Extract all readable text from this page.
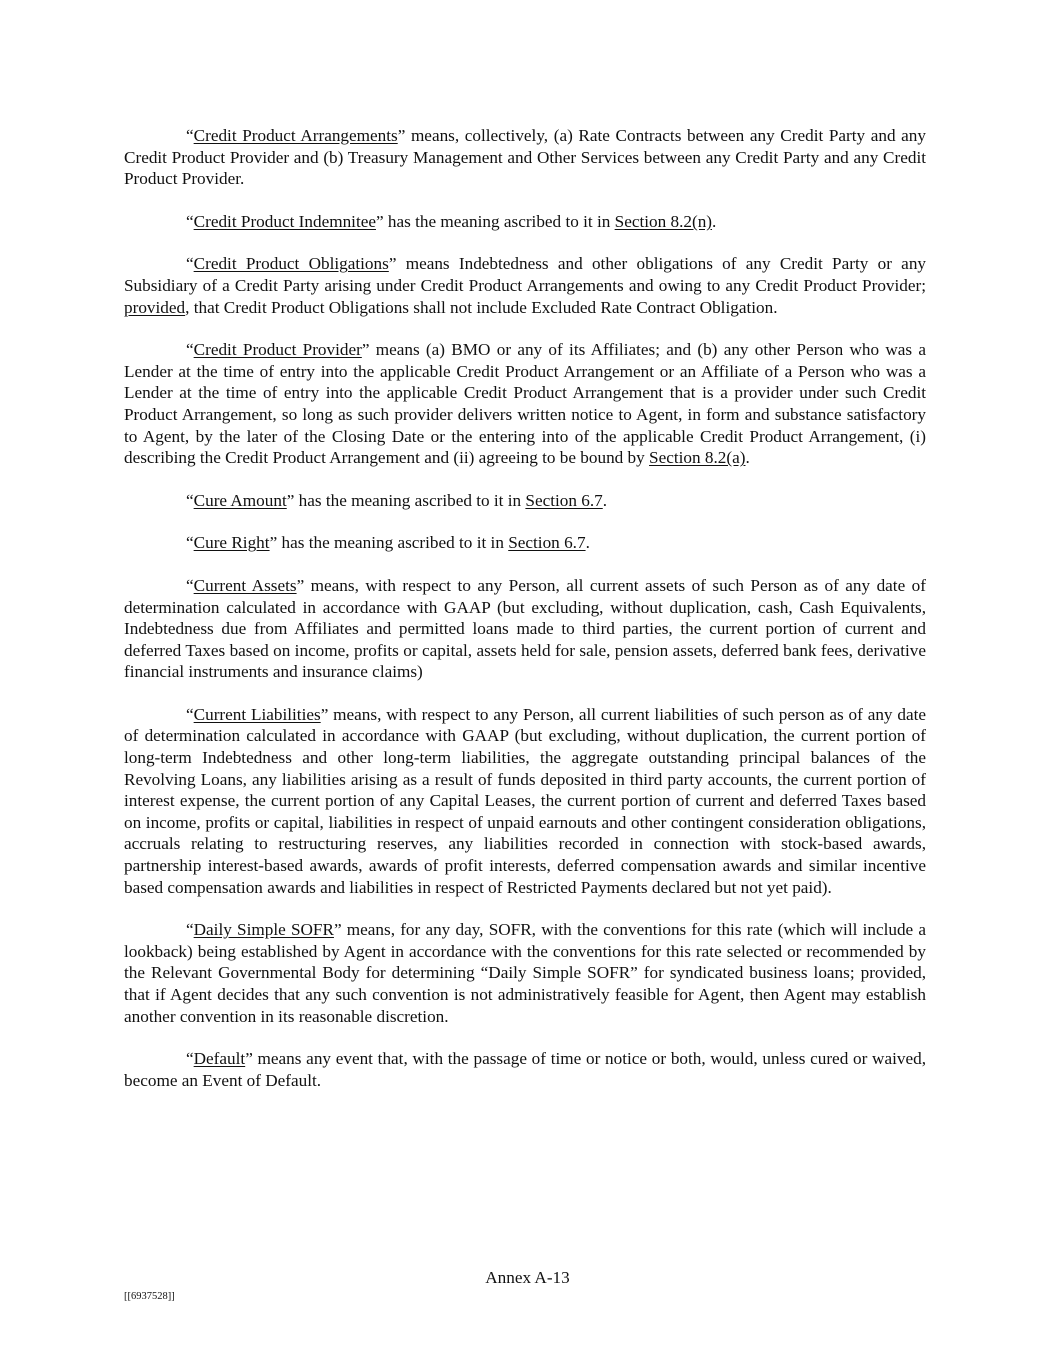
“Credit Product Arrangements” means, collectively, (a) Rate Contracts between any Credit Party and any Credit Product Provider and (b) Treasury Management and Other Services between any Credit Party and any Credit Product Provider.

“Credit Product Indemnitee” has the meaning ascribed to it in Section 8.2(n).

“Credit Product Obligations” means Indebtedness and other obligations of any Credit Party or any Subsidiary of a Credit Party arising under Credit Product Arrangements and owing to any Credit Product Provider; provided, that Credit Product Obligations shall not include Excluded Rate Contract Obligation.

“Credit Product Provider” means (a) BMO or any of its Affiliates; and (b) any other Person who was a Lender at the time of entry into the applicable Credit Product Arrangement or an Affiliate of a Person who was a Lender at the time of entry into the applicable Credit Product Arrangement that is a provider under such Credit Product Arrangement, so long as such provider delivers written notice to Agent, in form and substance satisfactory to Agent, by the later of the Closing Date or the entering into of the applicable Credit Product Arrangement, (i) describing the Credit Product Arrangement and (ii) agreeing to be bound by Section 8.2(a).

“Cure Amount” has the meaning ascribed to it in Section 6.7.

“Cure Right” has the meaning ascribed to it in Section 6.7.

“Current Assets” means, with respect to any Person, all current assets of such Person as of any date of determination calculated in accordance with GAAP (but excluding, without duplication, cash, Cash Equivalents, Indebtedness due from Affiliates and permitted loans made to third parties, the current portion of current and deferred Taxes based on income, profits or capital, assets held for sale, pension assets, deferred bank fees, derivative financial instruments and insurance claims)

“Current Liabilities” means, with respect to any Person, all current liabilities of such person as of any date of determination calculated in accordance with GAAP (but excluding, without duplication, the current portion of long-term Indebtedness and other long-term liabilities, the aggregate outstanding principal balances of the Revolving Loans, any liabilities arising as a result of funds deposited in third party accounts, the current portion of interest expense, the current portion of any Capital Leases, the current portion of current and deferred Taxes based on income, profits or capital, liabilities in respect of unpaid earnouts and other contingent consideration obligations, accruals relating to restructuring reserves, any liabilities recorded in connection with stock-based awards, partnership interest-based awards, awards of profit interests, deferred compensation awards and similar incentive based compensation awards and liabilities in respect of Restricted Payments declared but not yet paid).

“Daily Simple SOFR” means, for any day, SOFR, with the conventions for this rate (which will include a lookback) being established by Agent in accordance with the conventions for this rate selected or recommended by the Relevant Governmental Body for determining “Daily Simple SOFR” for syndicated business loans; provided, that if Agent decides that any such convention is not administratively feasible for Agent, then Agent may establish another convention in its reasonable discretion.

“Default” means any event that, with the passage of time or notice or both, would, unless cured or waived, become an Event of Default.

Annex A-13
[[6937528]]
